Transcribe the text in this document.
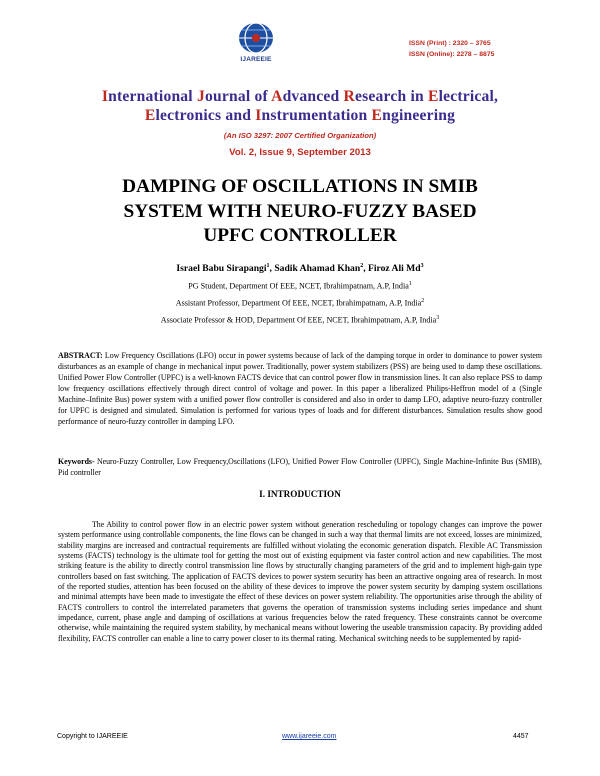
IJAREEIE
ISSN (Print) : 2320 – 3765
ISSN (Online): 2278 – 8875
International Journal of Advanced Research in Electrical,
Electronics and Instrumentation Engineering
(An ISO 3297: 2007 Certified Organization)
Vol. 2, Issue 9, September 2013
DAMPING OF OSCILLATIONS IN SMIB
SYSTEM WITH NEURO-FUZZY BASED
UPFC CONTROLLER
Israel Babu Sirapangi$^1$, Sadik Ahamad Khan$^2$, Firoz Ali Md$^3$
PG Student, Department Of EEE, NCET, Ibrahimpatnam, A.P, India$^1$
Assistant Professor, Department Of EEE, NCET, Ibrahimpatnam, A.P, India$^2$
Associate Professor & HOD, Department Of EEE, NCET, Ibrahimpatnam, A.P, India$^3$
ABSTRACT: Low Frequency Oscillations (LFO) occur in power systems because of lack of the damping torque in order to dominance to power system disturbances as an example of change in mechanical input power. Traditionally, power system stabilizers (PSS) are being used to damp these oscillations. Unified Power Flow Controller (UPFC) is a well-known FACTS device that can control power flow in transmission lines. It can also replace PSS to damp low frequency oscillations effectively through direct control of voltage and power. In this paper a liberalized Philips-Heffron model of a (Single Machine–Infinite Bus) power system with a unified power flow controller is considered and also in order to damp LFO, adaptive neuro-fuzzy controller for UPFC is designed and simulated. Simulation is performed for various types of loads and for different disturbances. Simulation results show good performance of neuro-fuzzy controller in damping LFO.
Keywords- Neuro-Fuzzy Controller, Low Frequency,Oscillations (LFO), Unified Power Flow Controller (UPFC), Single Machine-Infinite Bus (SMIB), Pid controller
I. INTRODUCTION
The Ability to control power flow in an electric power system without generation rescheduling or topology changes can improve the power system performance using controllable components, the line flows can be changed in such a way that thermal limits are not exceed, losses are minimized, stability margins are increased and contractual requirements are fulfilled without violating the economic generation dispatch. Flexible AC Transmission systems (FACTS) technology is the ultimate tool for getting the most out of existing equipment via faster control action and new capabilities. The most striking feature is the ability to directly control transmission line flows by structurally changing parameters of the grid and to implement high-gain type controllers based on fast switching. The application of FACTS devices to power system security has been an attractive ongoing area of research. In most of the reported studies, attention has been focused on the ability of these devices to improve the power system security by damping system oscillations and minimal attempts have been made to investigate the effect of these devices on power system reliability. The opportunities arise through the ability of FACTS controllers to control the interrelated parameters that governs the operation of transmission systems including series impedance and shunt impedance, current, phase angle and damping of oscillations at various frequencies below the rated frequency. These constraints cannot be overcome otherwise, while maintaining the required system stability, by mechanical means without lowering the useable transmission capacity. By providing added flexibility, FACTS controller can enable a line to carry power closer to its thermal rating. Mechanical switching needs to be supplemented by rapid-
Copyright to IJAREEIE	www.ijareeie.com	4457
